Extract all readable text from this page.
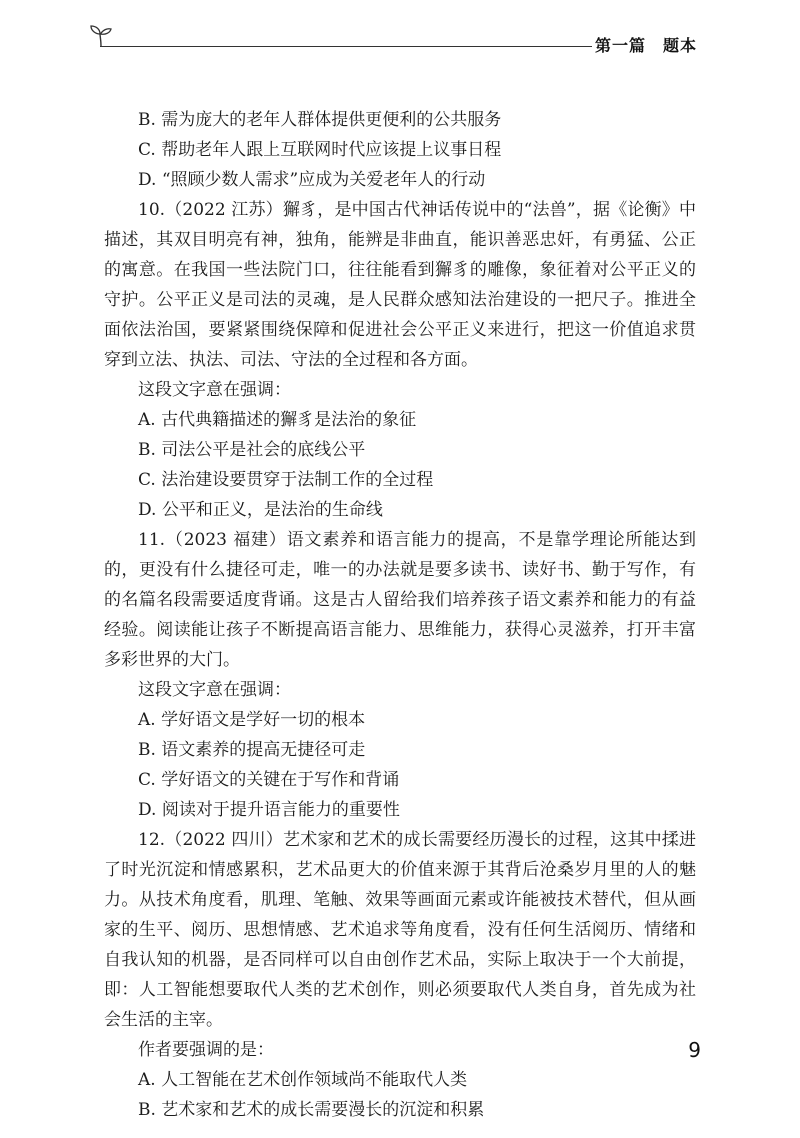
第一篇　题本

B. 需为庞大的老年人群体提供更便利的公共服务

C. 帮助老年人跟上互联网时代应该提上议事日程

D. “照顾少数人需求”应成为关爱老年人的行动

10.（2022 江苏）獬豸，是中国古代神话传说中的“法兽”，据《论衡》中描述，其双目明亮有神，独角，能辨是非曲直，能识善恶忠奸，有勇猛、公正的寓意。在我国一些法院门口，往往能看到獬豸的雕像，象征着对公平正义的守护。公平正义是司法的灵魂，是人民群众感知法治建设的一把尺子。推进全面依法治国，要紧紧围绕保障和促进社会公平正义来进行，把这一价值追求贯穿到立法、执法、司法、守法的全过程和各方面。

这段文字意在强调：

A. 古代典籍描述的獬豸是法治的象征

B. 司法公平是社会的底线公平

C. 法治建设要贯穿于法制工作的全过程

D. 公平和正义，是法治的生命线

11.（2023 福建）语文素养和语言能力的提高，不是靠学理论所能达到的，更没有什么捷径可走，唯一的办法就是要多读书、读好书、勤于写作，有的名篇名段需要适度背诵。这是古人留给我们培养孩子语文素养和能力的有益经验。阅读能让孩子不断提高语言能力、思维能力，获得心灵滋养，打开丰富多彩世界的大门。

这段文字意在强调：

A. 学好语文是学好一切的根本

B. 语文素养的提高无捷径可走

C. 学好语文的关键在于写作和背诵

D. 阅读对于提升语言能力的重要性

12.（2022 四川）艺术家和艺术的成长需要经历漫长的过程，这其中揉进了时光沉淀和情感累积，艺术品更大的价值来源于其背后沧桑岁月里的人的魅力。从技术角度看，肌理、笔触、效果等画面元素或许能被技术替代，但从画家的生平、阅历、思想情感、艺术追求等角度看，没有任何生活阅历、情绪和自我认知的机器，是否同样可以自由创作艺术品，实际上取决于一个大前提，即：人工智能想要取代人类的艺术创作，则必须要取代人类自身，首先成为社会生活的主宰。

作者要强调的是：

A. 人工智能在艺术创作领域尚不能取代人类

B. 艺术家和艺术的成长需要漫长的沉淀和积累

9
